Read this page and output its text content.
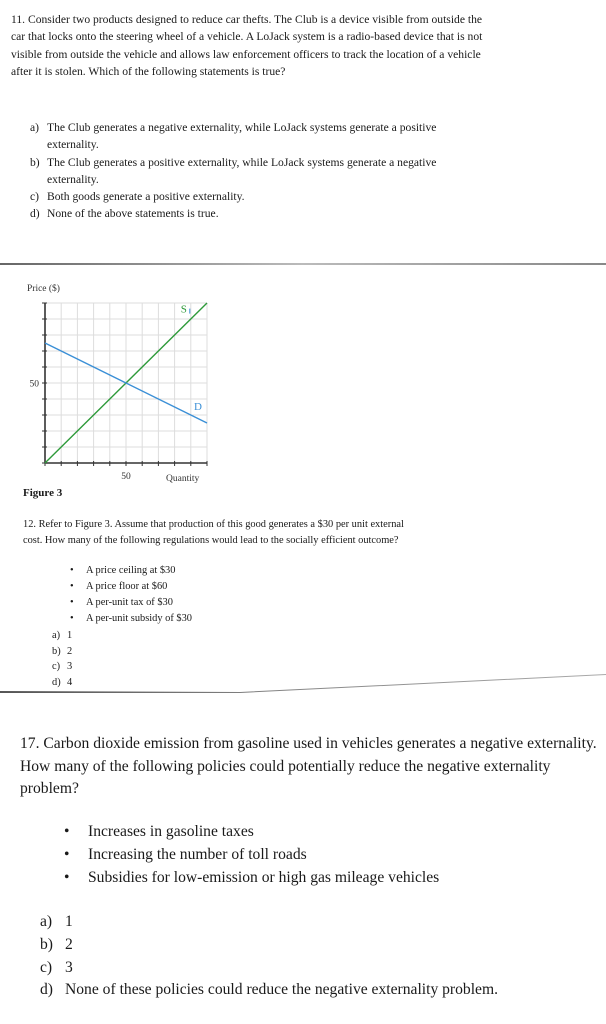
11. Consider two products designed to reduce car thefts. The Club is a device visible from outside the car that locks onto the steering wheel of a vehicle. A LoJack system is a radio-based device that is not visible from outside the vehicle and allows law enforcement officers to track the location of a vehicle after it is stolen. Which of the following statements is true?
a) The Club generates a negative externality, while LoJack systems generate a positive externality.
b) The Club generates a positive externality, while LoJack systems generate a negative externality.
c) Both goods generate a positive externality.
d) None of the above statements is true.
50
50
S
D
Price ($)
Quantity
Figure 3
12. Refer to Figure 3. Assume that production of this good generates a $30 per unit external cost. How many of the following regulations would lead to the socially efficient outcome?
•	A price ceiling at $30
•	A price floor at $60
•	A per-unit tax of $30
•	A per-unit subsidy of $30
a) 1
b) 2
c) 3
d) 4
17. Carbon dioxide emission from gasoline used in vehicles generates a negative externality. How many of the following policies could potentially reduce the negative externality problem?
•	Increases in gasoline taxes
•	Increasing the number of toll roads
•	Subsidies for low-emission or high gas mileage vehicles
a) 1
b) 2
c) 3
d) None of these policies could reduce the negative externality problem.
